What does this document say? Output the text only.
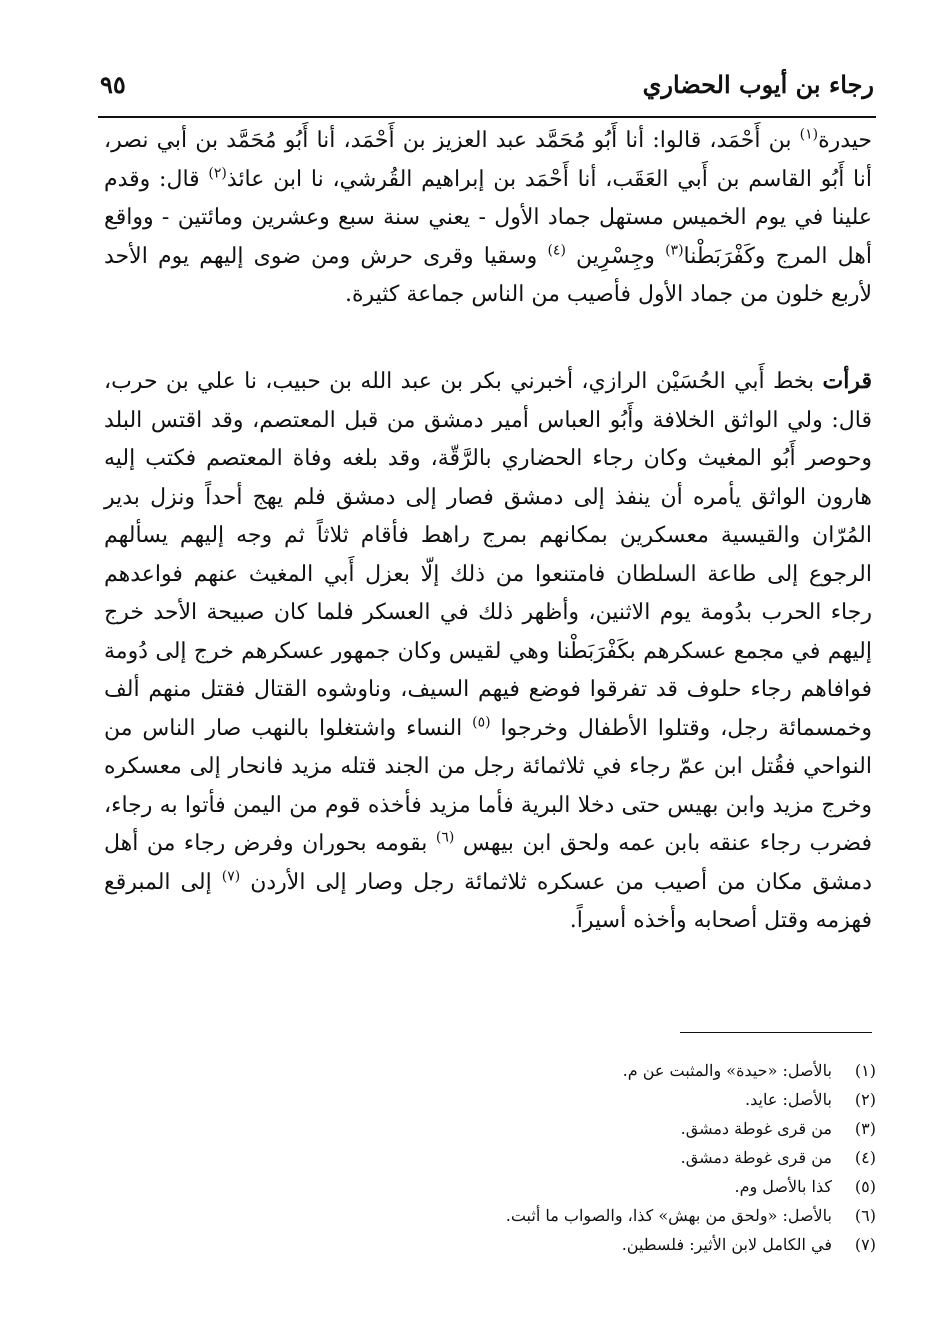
رجاء بن أيوب الحضاري
٩٥
حيدرة$^{(١)}$ بن أَحْمَد، قالوا: أنا أَبُو مُحَمَّد عبد العزيز بن أَحْمَد، أنا أَبُو مُحَمَّد بن أبي نصر، أنا أَبُو القاسم بن أَبي العَقَب، أنا أَحْمَد بن إبراهيم القُرشي، نا ابن عائذ$^{(٢)}$ قال: وقدم علينا في يوم الخميس مستهل جماد الأول - يعني سنة سبع وعشرين ومائتين - وواقع أهل المرج وكَفْرَبَطْنا$^{(٣)}$ وجِسْرِين $^{(٤)}$ وسقيا وقرى حرش ومن ضوى إليهم يوم الأحد لأربع خلون من جماد الأول فأصيب من الناس جماعة كثيرة.
قرأت بخط أَبي الحُسَيْن الرازي، أخبرني بكر بن عبد الله بن حبيب، نا علي بن حرب، قال: ولي الواثق الخلافة وأَبُو العباس أمير دمشق من قبل المعتصم، وقد اقتس البلد وحوصر أَبُو المغيث وكان رجاء الحضاري بالرَّقّة، وقد بلغه وفاة المعتصم فكتب إليه هارون الواثق يأمره أن ينفذ إلى دمشق فصار إلى دمشق فلم يهج أحداً ونزل بدير المُرّان والقيسية معسكرين بمكانهم بمرج راهط فأقام ثلاثاً ثم وجه إليهم يسألهم الرجوع إلى طاعة السلطان فامتنعوا من ذلك إلّا بعزل أَبي المغيث عنهم فواعدهم رجاء الحرب بدُومة يوم الاثنين، وأظهر ذلك في العسكر فلما كان صبيحة الأحد خرج إليهم في مجمع عسكرهم بكَفْرَبَطْنا وهي لقيس وكان جمهور عسكرهم خرج إلى دُومة فوافاهم رجاء حلوف قد تفرقوا فوضع فيهم السيف، وناوشوه القتال فقتل منهم ألف وخمسمائة رجل، وقتلوا الأطفال وخرجوا $^{(٥)}$ النساء واشتغلوا بالنهب صار الناس من النواحي فقُتل ابن عمّ رجاء في ثلاثمائة رجل من الجند قتله مزيد فانحار إلى معسكره وخرج مزيد وابن بهيس حتى دخلا البرية فأما مزيد فأخذه قوم من اليمن فأتوا به رجاء، فضرب رجاء عنقه بابن عمه ولحق ابن بيهس $^{(٦)}$ بقومه بحوران وفرض رجاء من أهل دمشق مكان من أصيب من عسكره ثلاثمائة رجل وصار إلى الأردن $^{(٧)}$ إلى المبرقع فهزمه وقتل أصحابه وأخذه أسيراً.
(١)
بالأصل: «حيدة» والمثبت عن م.
(٢)
بالأصل: عايد.
(٣)
من قرى غوطة دمشق.
(٤)
من قرى غوطة دمشق.
(٥)
كذا بالأصل وم.
(٦)
بالأصل: «ولحق من بهش» كذا، والصواب ما أثبت.
(٧)
في الكامل لابن الأثير: فلسطين.
